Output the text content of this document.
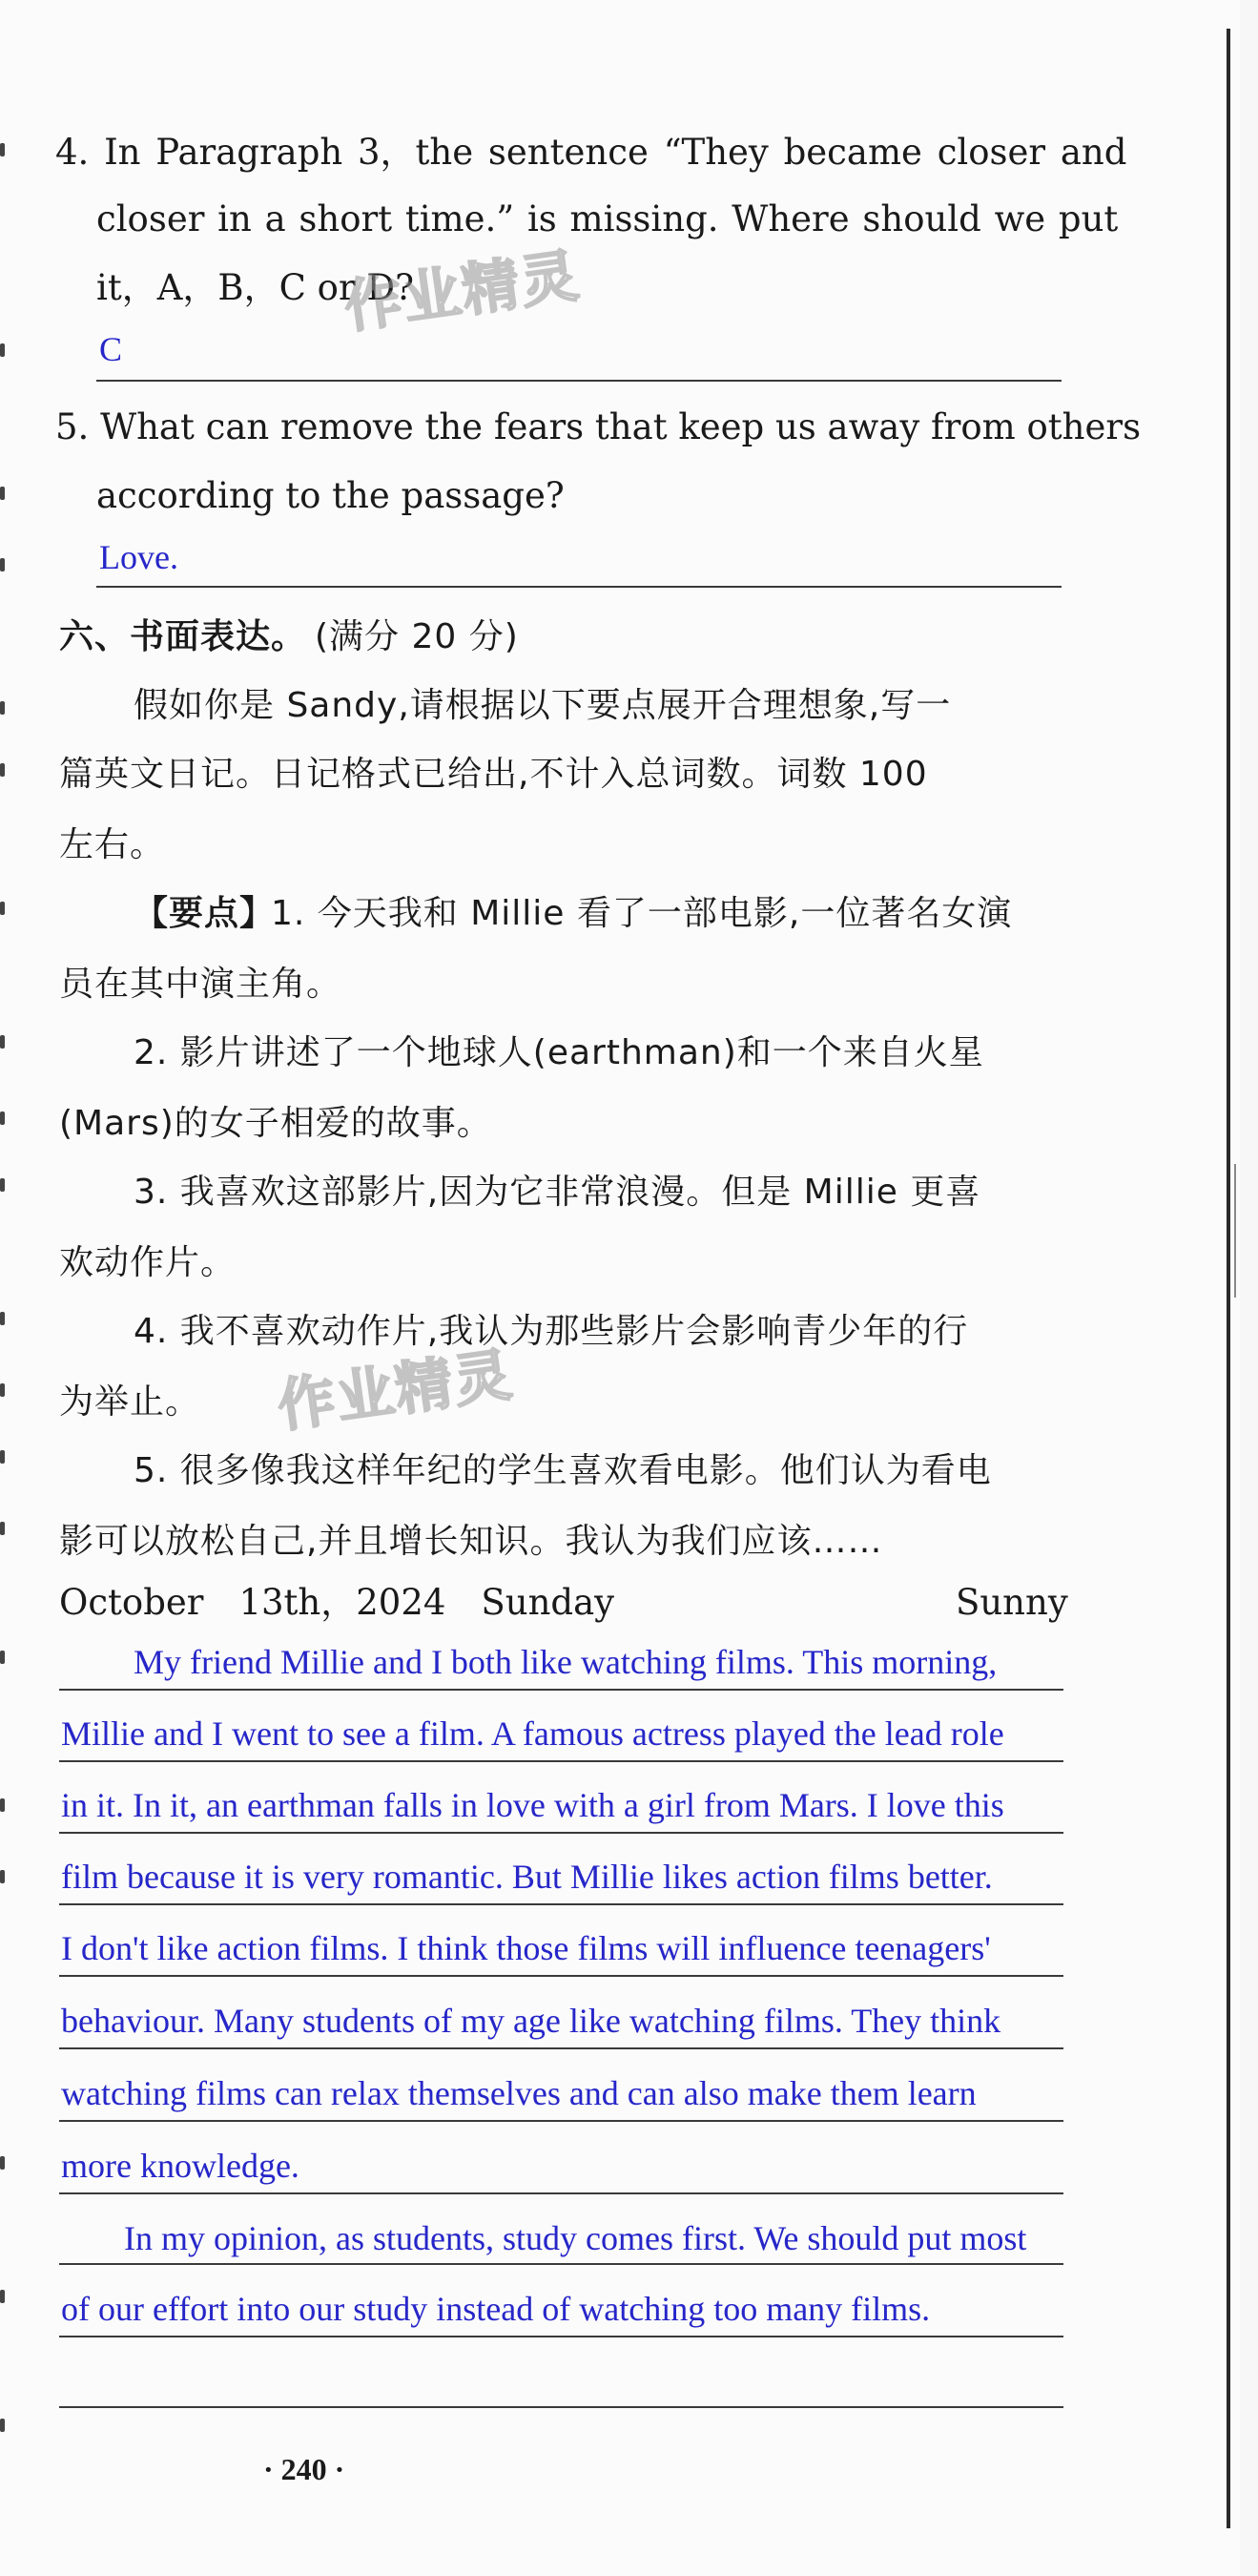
4. In Paragraph 3，the sentence “They became closer and
closer in a short time.” is missing. Where should we put
it，A，B，C or D?
C
5. What can remove the fears that keep us away from others
according to the passage?
Love.
六、书面表达。 (满分 20 分)
假如你是 Sandy,请根据以下要点展开合理想象,写一
篇英文日记。日记格式已给出,不计入总词数。词数 100
左右。
【要点】
1. 今天我和 Millie 看了一部电影,一位著名女演
员在其中演主角。
2. 影片讲述了一个地球人(earthman)和一个来自火星
(Mars)的女子相爱的故事。
3. 我喜欢这部影片,因为它非常浪漫。但是 Millie 更喜
欢动作片。
4. 我不喜欢动作片,我认为那些影片会影响青少年的行
为举止。
5. 很多像我这样年纪的学生喜欢看电影。他们认为看电
影可以放松自己,并且增长知识。我认为我们应该……
October　13th，2024　Sunday	Sunny
My friend Millie and I both like watching films. This morning,
Millie and I went to see a film. A famous actress played the lead role
in it. In it, an earthman falls in love with a girl from Mars. I love this
film because it is very romantic. But Millie likes action films better.
I don't like action films. I think those films will influence teenagers'
behaviour. Many students of my age like watching films. They think
watching films can relax themselves and can also make them learn
more knowledge.
In my opinion, as students, study comes first. We should put most
of our effort into our study instead of watching too many films.
作业精灵
作业精灵
· 240 ·
